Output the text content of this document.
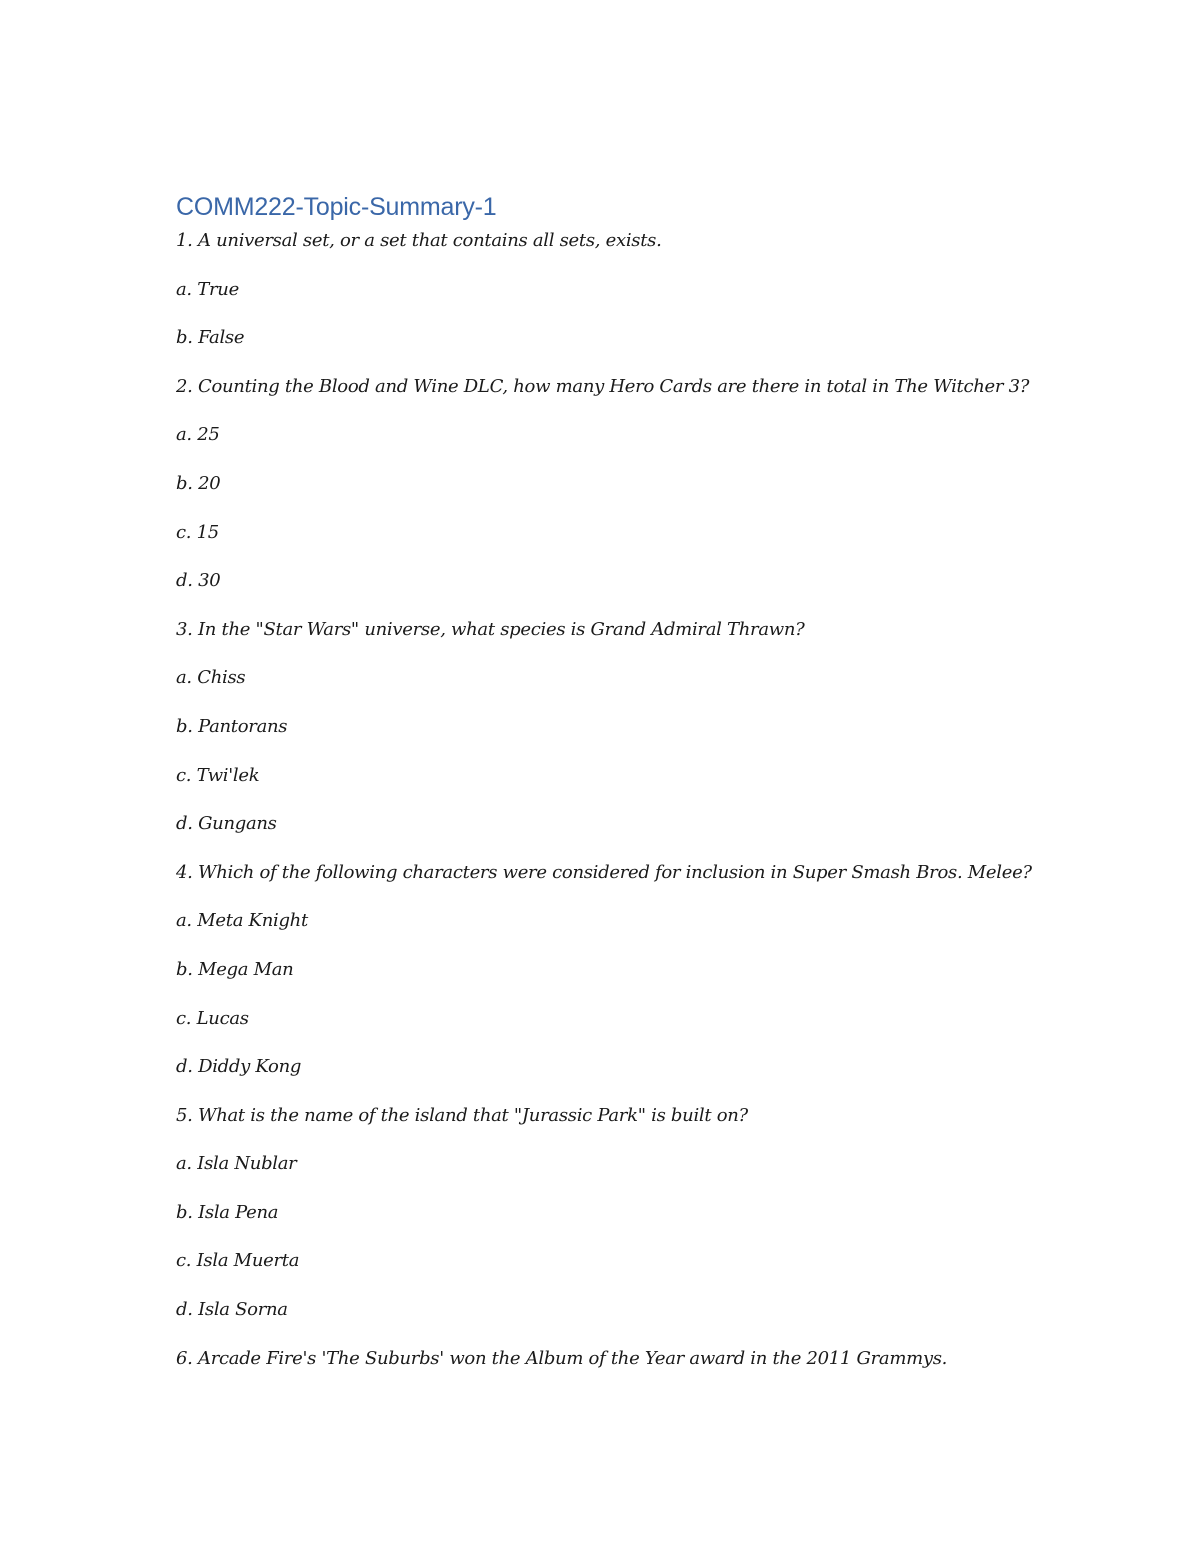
COMM222-Topic-Summary-1
1. A universal set, or a set that contains all sets, exists.
a. True
b. False
2. Counting the Blood and Wine DLC, how many Hero Cards are there in total in The Witcher 3?
a. 25
b. 20
c. 15
d. 30
3. In the "Star Wars" universe, what species is Grand Admiral Thrawn?
a. Chiss
b. Pantorans
c. Twi'lek
d. Gungans
4. Which of the following characters were considered for inclusion in Super Smash Bros. Melee?
a. Meta Knight
b. Mega Man
c. Lucas
d. Diddy Kong
5. What is the name of the island that "Jurassic Park" is built on?
a. Isla Nublar
b. Isla Pena
c. Isla Muerta
d. Isla Sorna
6. Arcade Fire's 'The Suburbs' won the Album of the Year award in the 2011 Grammys.
